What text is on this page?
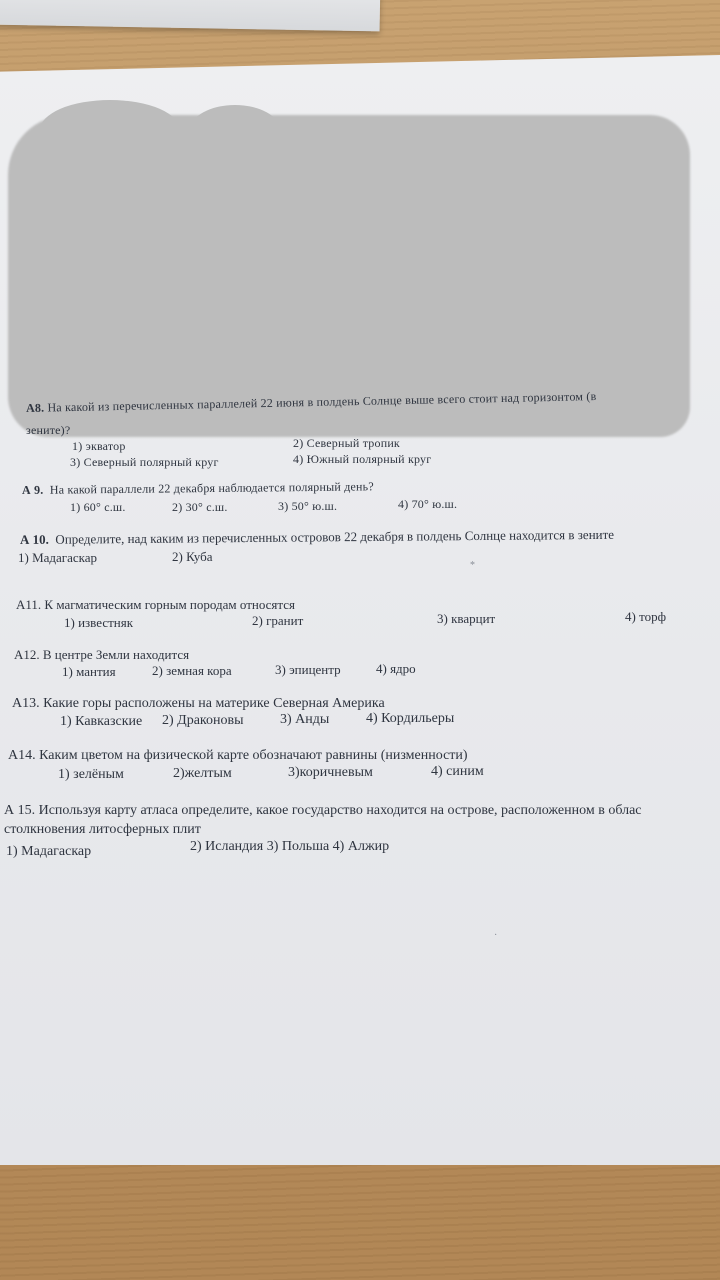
А8. На какой из перечисленных параллелей 22 июня в полдень Солнце выше всего стоит над горизонтом (в
зените)?
1) экватор	2) Северный тропик
3) Северный полярный круг	4) Южный полярный круг
А 9. На какой параллели 22 декабря наблюдается полярный день?
1) 60° с.ш.	2) 30° с.ш.	3) 50° ю.ш.	4) 70° ю.ш.
А 10. Определите, над каким из перечисленных островов 22 декабря в полдень Солнце находится в зените
1) Мадагаскар	2) Куба
*
А11. К магматическим горным породам относятся
1) известняк	2) гранит	3) кварцит	4) торф
А12. В центре Земли находится
1) мантия	2) земная кора	3) эпицентр	4) ядро
А13. Какие горы расположены на материке Северная Америка
1) Кавказские 2) Драконовы	3) Анды	4) Кордильеры
А14. Каким цветом на физической карте обозначают равнины (низменности)
1) зелёным	2)желтым	3)коричневым	4) синим
А 15. Используя карту атласа определите, какое государство находится на острове, расположенном в облас
столкновения литосферных плит
1) Мадагаскар	2) Исландия 3) Польша 4) Алжир
·
